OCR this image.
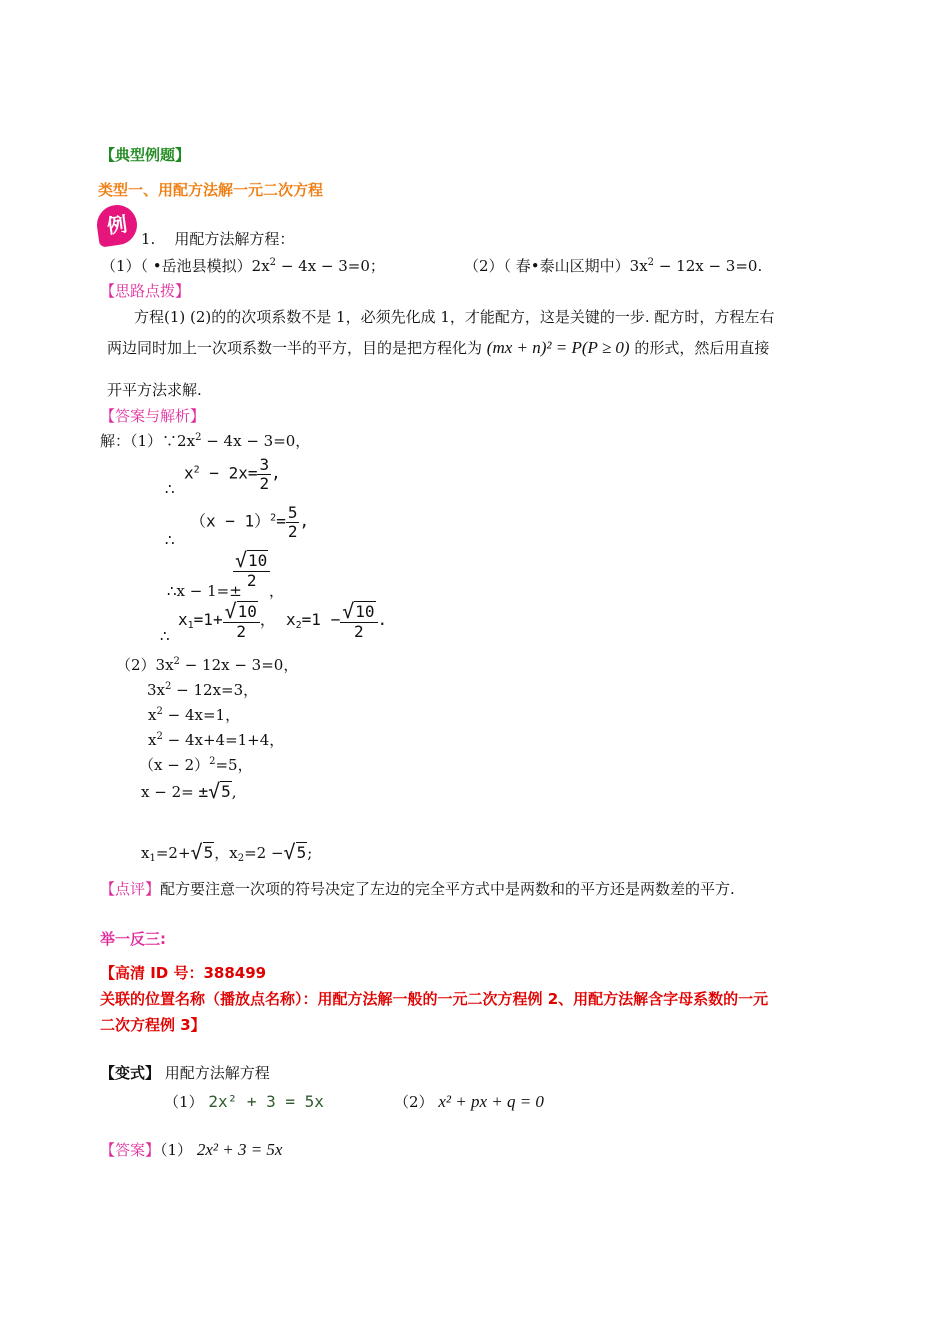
【典型例题】
类型一、用配方法解一元二次方程
例
1. 用配方法解方程：
（1）（ •岳池县模拟）$2x^2 - 4x - 3=0$；	（2）（ 春•泰山区期中）$3x^2 - 12x - 3=0$.
【思路点拨】
方程(1) (2)的的次项系数不是 1，必须先化成 1，才能配方，这是关键的一步. 配方时，方程左右
两边同时加上一次项系数一半的平方，目的是把方程化为 (mx + n)² = P(P ≥ 0) 的形式，然后用直接
开平方法求解.
【答案与解析】
解：$(1)\because 2x^2 - 4x - 3=0$，
∴
$x^2 - 2x= \frac{3}{2}$ ,
∴
$(x - 1)^2= \frac{5}{2}$ ,
∴x − 1=±
$\frac{√10}{2}$
，
∴
$x_1=1+ \frac{√10}{2}$ ， $x_2=1 - \frac{√10}{2}$ .
$(2)3x^2 - 12x - 3=0$，
$3x^2 - 12x=3$，
$x^2 - 4x=1$，
$x^2 - 4x+4=1+4$，
$(x - 2)^2=5$，
x − 2= ±√5,
$x_1=2+√5$，$x_2=2 -√5$;
【点评】配方要注意一次项的符号决定了左边的完全平方式中是两数和的平方还是两数差的平方.
举一反三:
【高清 ID 号：388499
关联的位置名称（播放点名称）：用配方法解一般的一元二次方程例 2、用配方法解含字母系数的一元
二次方程例 3】
【变式】 用配方法解方程
（1） 2x² + 3 = 5x	（2） x² + px + q = 0
【答案】（1） 2x² + 3 = 5x
